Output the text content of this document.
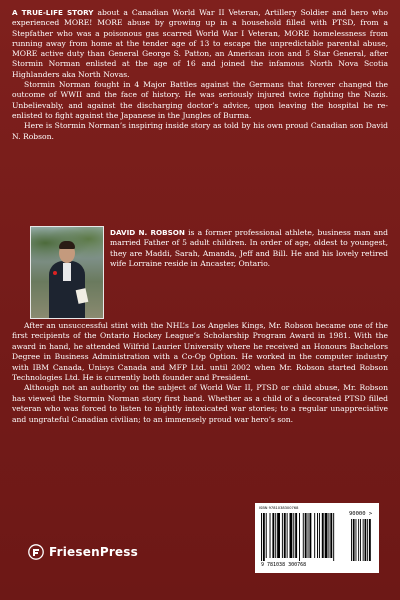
A TRUE-LIFE STORY about a Canadian World War II Veteran, Artillery Soldier and hero who experienced MORE! MORE abuse by growing up in a household filled with PTSD, from a Stepfather who was a poisonous gas scarred World War I Veteran, MORE homelessness from running away from home at the tender age of 13 to escape the unpredictable parental abuse, MORE active duty than General George S. Patton, an American icon and 5 Star General, after Stormin Norman enlisted at the age of 16 and joined the infamous North Nova Scotia Highlanders aka North Novas.

Stormin Norman fought in 4 Major Battles against the Germans that forever changed the outcome of WWII and the face of history. He was seriously injured twice fighting the Nazis. Unbelievably, and against the discharging doctor’s advice, upon leaving the hospital he re-enlisted to fight against the Japanese in the Jungles of Burma.

Here is Stormin Norman’s inspiring inside story as told by his own proud Canadian son David N. Robson.

DAVID N. ROBSON is a former professional athlete, business man and married Father of 5 adult children. In order of age, oldest to youngest, they are Maddi, Sarah, Amanda, Jeff and Bill. He and his lovely retired wife Lorraine reside in Ancaster, Ontario.

After an unsuccessful stint with the NHL’s Los Angeles Kings, Mr. Robson became one of the first recipients of the Ontario Hockey League’s Scholarship Program Award in 1981. With the award in hand, he attended Wilfrid Laurier University where he received an Honours Bachelors Degree in Business Administration with a Co-Op Option. He worked in the computer industry with IBM Canada, Unisys Canada and MFP Ltd. until 2002 when Mr. Robson started Robson Technologies Ltd. He is currently both founder and President.

Although not an authority on the subject of World War II, PTSD or child abuse, Mr. Robson has viewed the Stormin Norman story first hand. Whether as a child of a decorated PTSD filled veteran who was forced to listen to nightly intoxicated war stories; to a regular unappreciative and ungrateful Canadian civilian; to an immensely proud war hero’s son.

FriesenPress
ISBN 9781038300768
9 781038 300768
90000 >
